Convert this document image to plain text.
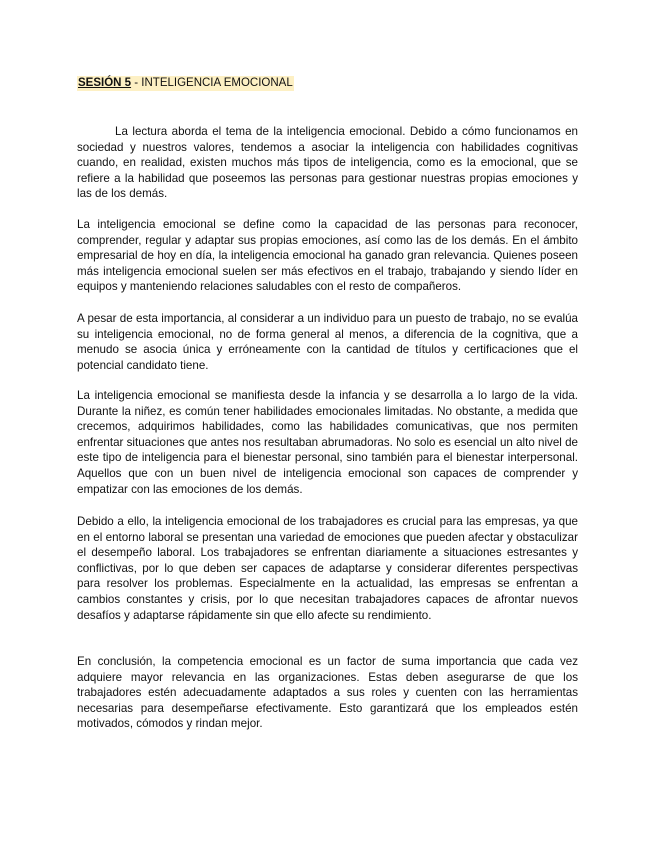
SESIÓN 5 - INTELIGENCIA EMOCIONAL

La lectura aborda el tema de la inteligencia emocional. Debido a cómo funcionamos en sociedad y nuestros valores, tendemos a asociar la inteligencia con habilidades cognitivas cuando, en realidad, existen muchos más tipos de inteligencia, como es la emocional, que se refiere a la habilidad que poseemos las personas para gestionar nuestras propias emociones y las de los demás.

La inteligencia emocional se define como la capacidad de las personas para reconocer, comprender, regular y adaptar sus propias emociones, así como las de los demás. En el ámbito empresarial de hoy en día, la inteligencia emocional ha ganado gran relevancia. Quienes poseen más inteligencia emocional suelen ser más efectivos en el trabajo, trabajando y siendo líder en equipos y manteniendo relaciones saludables con el resto de compañeros.

A pesar de esta importancia, al considerar a un individuo para un puesto de trabajo, no se evalúa su inteligencia emocional, no de forma general al menos, a diferencia de la cognitiva, que a menudo se asocia única y erróneamente con la cantidad de títulos y certificaciones que el potencial candidato tiene.

La inteligencia emocional se manifiesta desde la infancia y se desarrolla a lo largo de la vida. Durante la niñez, es común tener habilidades emocionales limitadas. No obstante, a medida que crecemos, adquirimos habilidades, como las habilidades comunicativas, que nos permiten enfrentar situaciones que antes nos resultaban abrumadoras. No solo es esencial un alto nivel de este tipo de inteligencia para el bienestar personal, sino también para el bienestar interpersonal. Aquellos que con un buen nivel de inteligencia emocional son capaces de comprender y empatizar con las emociones de los demás.

Debido a ello, la inteligencia emocional de los trabajadores es crucial para las empresas, ya que en el entorno laboral se presentan una variedad de emociones que pueden afectar y obstaculizar el desempeño laboral. Los trabajadores se enfrentan diariamente a situaciones estresantes y conflictivas, por lo que deben ser capaces de adaptarse y considerar diferentes perspectivas para resolver los problemas. Especialmente en la actualidad, las empresas se enfrentan a cambios constantes y crisis, por lo que necesitan trabajadores capaces de afrontar nuevos desafíos y adaptarse rápidamente sin que ello afecte su rendimiento.

En conclusión, la competencia emocional es un factor de suma importancia que cada vez adquiere mayor relevancia en las organizaciones. Estas deben asegurarse de que los trabajadores estén adecuadamente adaptados a sus roles y cuenten con las herramientas necesarias para desempeñarse efectivamente. Esto garantizará que los empleados estén motivados, cómodos y rindan mejor.
